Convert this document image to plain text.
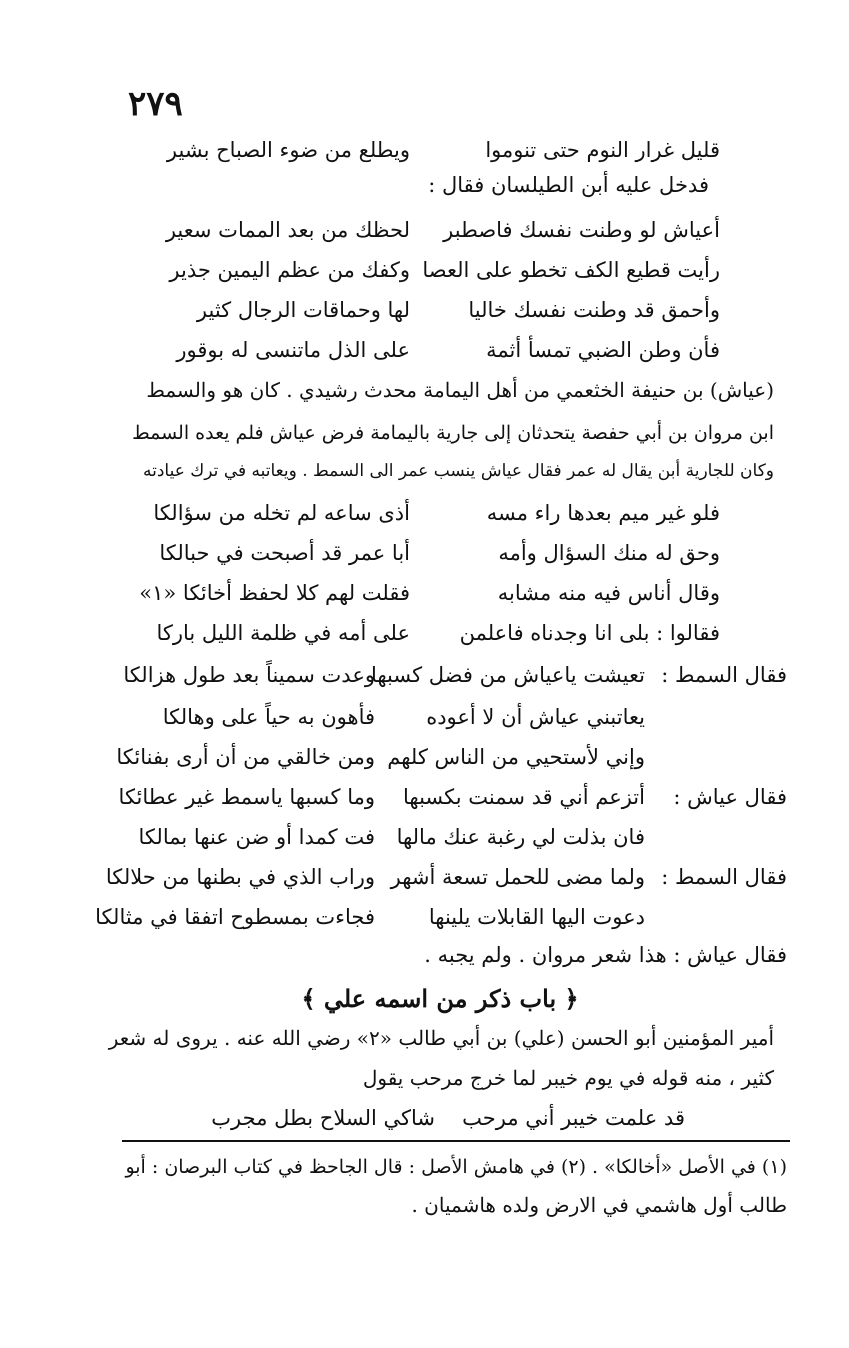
٢٧٩
قليل غرار النوم حتى تنوموا
ويطلع من ضوء الصباح بشير
فدخل عليه أبن الطيلسان فقال :
أعياش لو وطنت نفسك فاصطبر
لحظك من بعد الممات سعير
رأيت قطيع الكف تخطو على العصا
وكفك من عظم اليمين جذير
وأحمق قد وطنت نفسك خاليا
لها وحماقات الرجال كثير
فأن وطن الضبي تمسأ أثمة
على الذل ماتنسى له بوقور
(عياش) بن حنيفة الخثعمي من أهل اليمامة محدث رشيدي . كان هو والسمط
ابن مروان بن أبي حفصة يتحدثان إلى جارية باليمامة فرض عياش فلم يعده السمط
وكان للجارية أبن يقال له عمر فقال عياش ينسب عمر الى السمط . ويعاتبه في ترك عيادته
فلو غير ميم بعدها راء مسه
أذى ساعه لم تخله من سؤالكا
وحق له منك السؤال وأمه
أبا عمر قد أصبحت في حبالكا
وقال أناس فيه منه مشابه
فقلت لهم كلا لحفظ أخائكا «١»
فقالوا : بلى انا وجدناه فاعلمن
على أمه في ظلمة الليل باركا
فقال السمط :
تعيشت ياعياش من فضل كسبها
وعدت سميناً بعد طول هزالكا
يعاتبني عياش أن لا أعوده
فأهون به حياً على وهالكا
وإني لأستحيي من الناس كلهم
ومن خالقي من أن أرى بفنائكا
فقال عياش :
أتزعم أني قد سمنت بكسبها
وما كسبها ياسمط غير عطائكا
فان بذلت لي رغبة عنك مالها
فت كمدا أو ضن عنها بمالكا
فقال السمط :
ولما مضى للحمل تسعة أشهر
وراب الذي في بطنها من حلالكا
دعوت اليها القابلات يلينها
فجاءت بمسطوح اتفقا في مثالكا
فقال عياش : هذا شعر مروان . ولم يجبه .
﴿ باب ذكر من اسمه علي ﴾
أمير المؤمنين أبو الحسن (علي) بن أبي طالب «٢» رضي الله عنه . يروى له شعر
كثير ، منه قوله في يوم خيبر لما خرج مرحب يقول
قد علمت خيبر أني مرحب
شاكي السلاح بطل مجرب
(١) في الأصل «أخالكا» . (٢) في هامش الأصل : قال الجاحظ في كتاب البرصان : أبو
طالب أول هاشمي في الارض ولده هاشميان .
